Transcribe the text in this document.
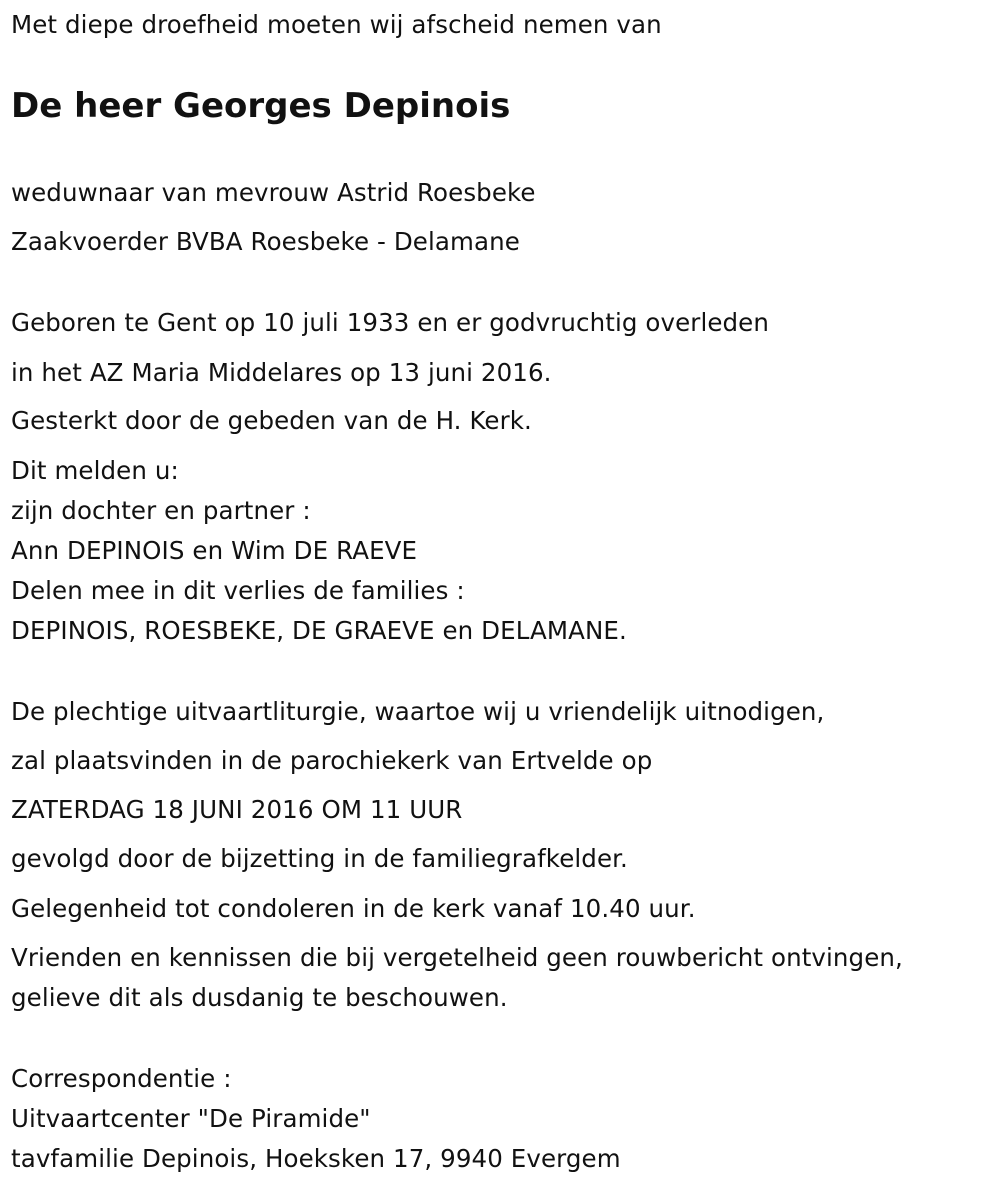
Met diepe droefheid moeten wij afscheid nemen van
De heer Georges Depinois
weduwnaar van mevrouw Astrid Roesbeke
Zaakvoerder BVBA Roesbeke - Delamane
Geboren te Gent op 10 juli 1933 en er godvruchtig overleden
in het AZ Maria Middelares op 13 juni 2016.
Gesterkt door de gebeden van de H. Kerk.
Dit melden u:
zijn dochter en partner :
Ann DEPINOIS en Wim DE RAEVE
Delen mee in dit verlies de families :
DEPINOIS, ROESBEKE, DE GRAEVE en DELAMANE.
De plechtige uitvaartliturgie, waartoe wij u vriendelijk uitnodigen,
zal plaatsvinden in de parochiekerk van Ertvelde op
ZATERDAG 18 JUNI 2016 OM 11 UUR
gevolgd door de bijzetting in de familiegrafkelder.
Gelegenheid tot condoleren in de kerk vanaf 10.40 uur.
Vrienden en kennissen die bij vergetelheid geen rouwbericht ontvingen,
gelieve dit als dusdanig te beschouwen.
Correspondentie :
Uitvaartcenter "De Piramide"
tavfamilie Depinois, Hoeksken 17, 9940 Evergem
